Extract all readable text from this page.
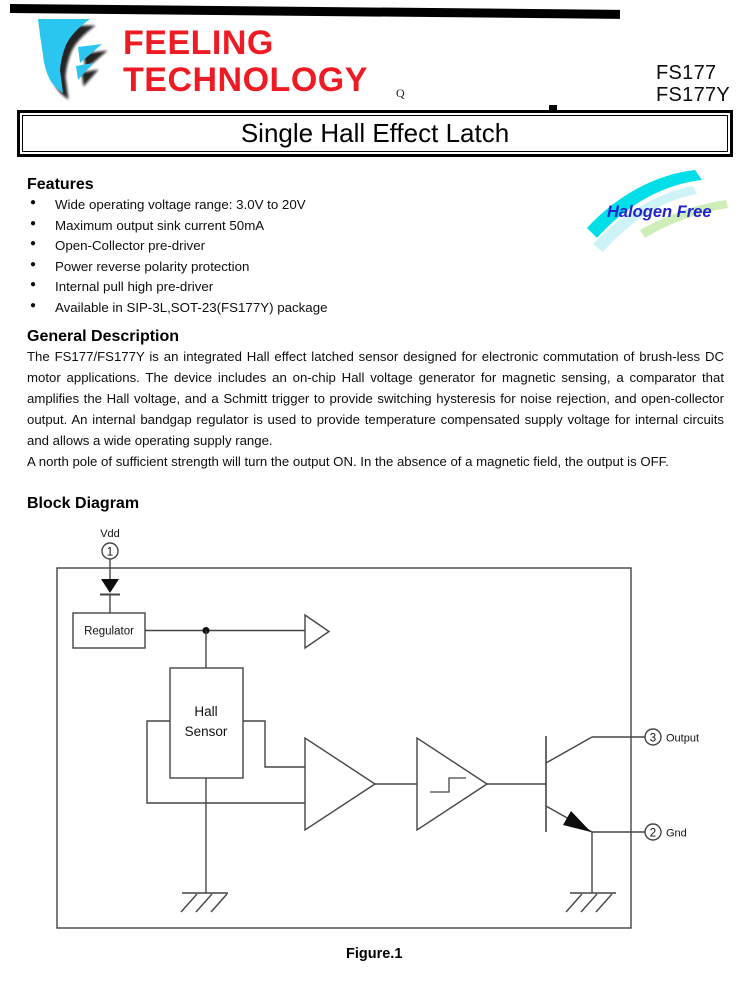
FEELING
TECHNOLOGY Q
FS177
FS177Y
Single Hall Effect Latch
Features
● Wide operating voltage range: 3.0V to 20V
● Maximum output sink current 50mA
● Open-Collector pre-driver
● Power reverse polarity protection
● Internal pull high pre-driver
● Available in SIP-3L,SOT-23(FS177Y) package
Halogen Free
General Description

The FS177/FS177Y is an integrated Hall effect latched sensor designed for electronic commutation of brush-less DC motor applications. The device includes an on-chip Hall voltage generator for magnetic sensing, a comparator that amplifies the Hall voltage, and a Schmitt trigger to provide switching hysteresis for noise rejection, and open-collector output. An internal bandgap regulator is used to provide temperature compensated supply voltage for internal circuits and allows a wide operating supply range.

A north pole of sufficient strength will turn the output ON. In the absence of a magnetic field, the output is OFF.

Block Diagram
Vdd
1
Regulator
Hall
Sensor	3 Output
2 Gnd
Figure.1
